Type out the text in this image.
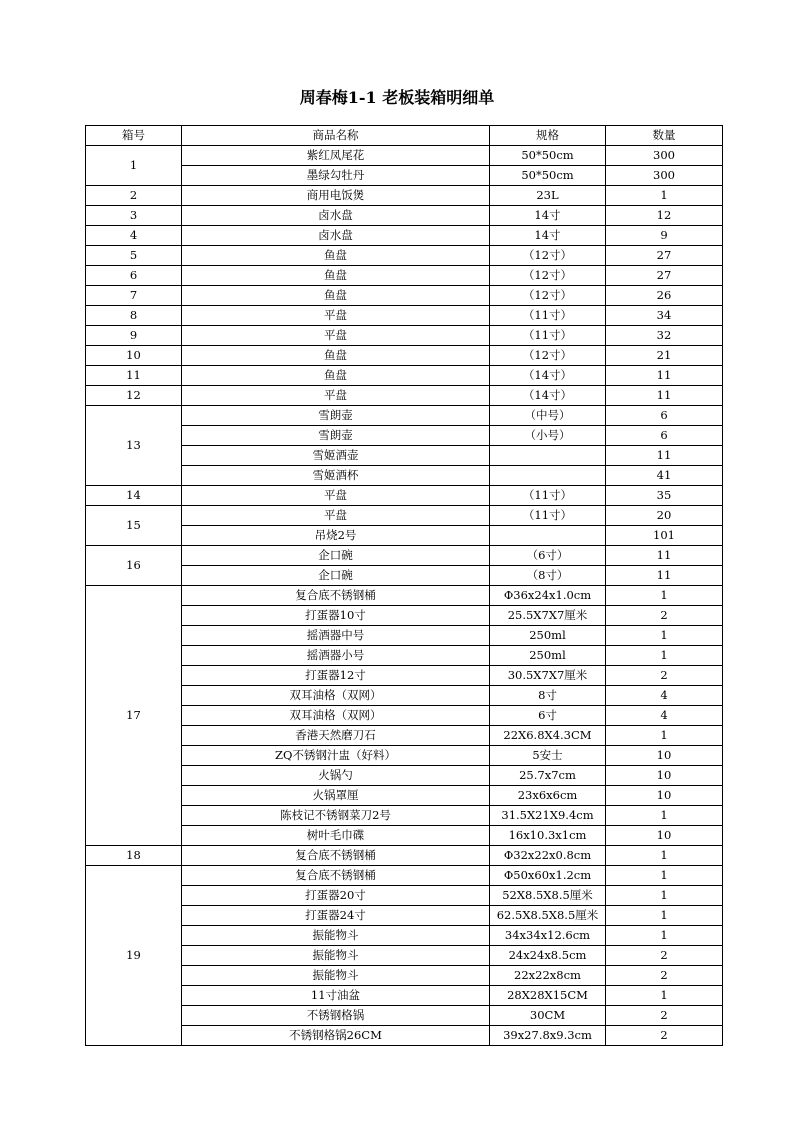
周春梅1-1 老板装箱明细单
箱号	商品名称	规格	数量
1	紫红凤尾花	50*50cm	300
	墨绿勾牡丹	50*50cm	300
2	商用电饭煲	23L	1
3	卤水盘	14寸	12
4	卤水盘	14寸	9
5	鱼盘	（12寸）	27
6	鱼盘	（12寸）	27
7	鱼盘	（12寸）	26
8	平盘	（11寸）	34
9	平盘	（11寸）	32
10	鱼盘	（12寸）	21
11	鱼盘	（14寸）	11
12	平盘	（14寸）	11
13	雪朗壶	（中号）	6
	雪朗壶	（小号）	6
	雪姬酒壶		11
	雪姬酒杯		41
14	平盘	（11寸）	35
15	平盘	（11寸）	20
	吊烧2号		101
16	企口碗	（6寸）	11
	企口碗	（8寸）	11
17	复合底不锈钢桶	Φ36x24x1.0cm	1
	打蛋器10寸	25.5X7X7厘米	2
	摇酒器中号	250ml	1
	摇酒器小号	250ml	1
	打蛋器12寸	30.5X7X7厘米	2
	双耳油格（双网）	8寸	4
	双耳油格（双网）	6寸	4
	香港天然磨刀石	22X6.8X4.3CM	1
	ZQ不锈钢汁盅（好料）	5安士	10
	火锅勺	25.7x7cm	10
	火锅罩厘	23x6x6cm	10
	陈枝记不锈钢菜刀2号	31.5X21X9.4cm	1
	树叶毛巾碟	16x10.3x1cm	10
18	复合底不锈钢桶	Φ32x22x0.8cm	1
19	复合底不锈钢桶	Φ50x60x1.2cm	1
	打蛋器20寸	52X8.5X8.5厘米	1
	打蛋器24寸	62.5X8.5X8.5厘米	1
	振能物斗	34x34x12.6cm	1
	振能物斗	24x24x8.5cm	2
	振能物斗	22x22x8cm	2
	11寸油盆	28X28X15CM	1
	不锈钢格锅	30CM	2
	不锈钢格锅26CM	39x27.8x9.3cm	2
